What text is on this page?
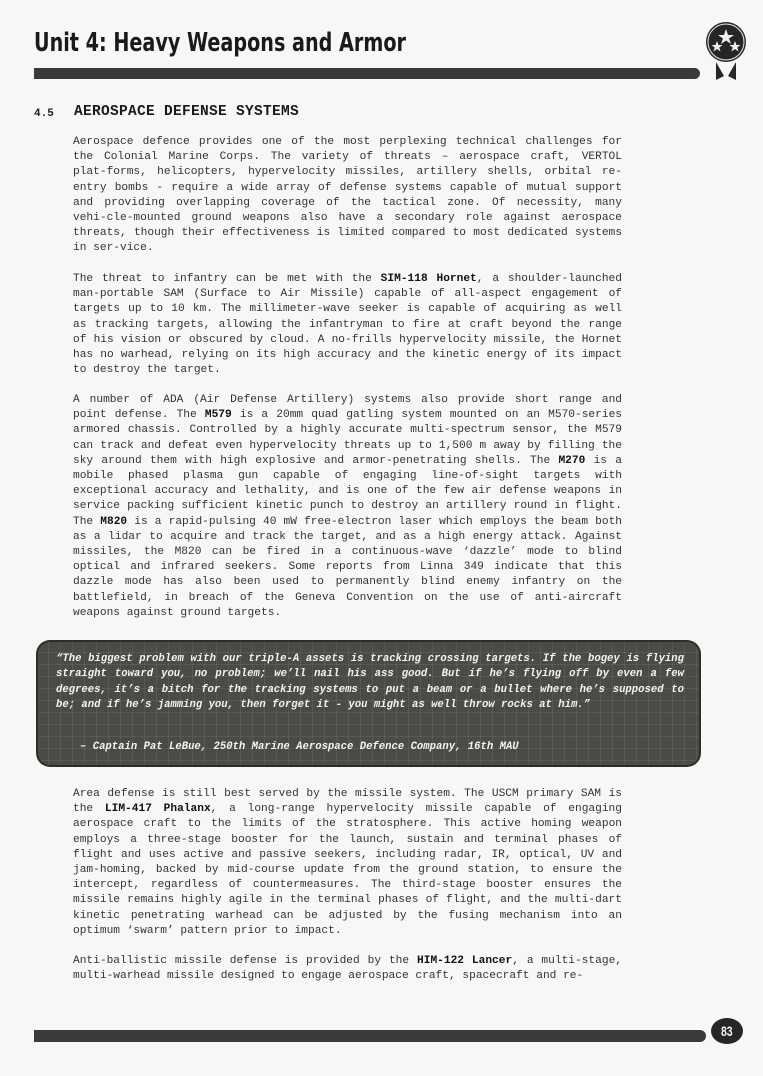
Unit 4: Heavy Weapons and Armor
4.5 AEROSPACE DEFENSE SYSTEMS

Aerospace defence provides one of the most perplexing technical challenges for the Colonial Marine Corps. The variety of threats – aerospace craft, VERTOL plat-forms, helicopters, hypervelocity missiles, artillery shells, orbital re-entry bombs - require a wide array of defense systems capable of mutual support and providing overlapping coverage of the tactical zone. Of necessity, many vehi-cle-mounted ground weapons also have a secondary role against aerospace threats, though their effectiveness is limited compared to most dedicated systems in ser-vice.

The threat to infantry can be met with the SIM-118 Hornet, a shoulder-launched man-portable SAM (Surface to Air Missile) capable of all-aspect engagement of targets up to 10 km. The millimeter-wave seeker is capable of acquiring as well as tracking targets, allowing the infantryman to fire at craft beyond the range of his vision or obscured by cloud. A no-frills hypervelocity missile, the Hornet has no warhead, relying on its high accuracy and the kinetic energy of its impact to destroy the target.

A number of ADA (Air Defense Artillery) systems also provide short range and point defense. The M579 is a 20mm quad gatling system mounted on an M570-series armored chassis. Controlled by a highly accurate multi-spectrum sensor, the M579 can track and defeat even hypervelocity threats up to 1,500 m away by filling the sky around them with high explosive and armor-penetrating shells. The M270 is a mobile phased plasma gun capable of engaging line-of-sight targets with exceptional accuracy and lethality, and is one of the few air defense weapons in service packing sufficient kinetic punch to destroy an artillery round in flight. The M820 is a rapid-pulsing 40 mW free-electron laser which employs the beam both as a lidar to acquire and track the target, and as a high energy attack. Against missiles, the M820 can be fired in a continuous-wave ‘dazzle’ mode to blind optical and infrared seekers. Some reports from Linna 349 indicate that this dazzle mode has also been used to permanently blind enemy infantry on the battlefield, in breach of the Geneva Convention on the use of anti-aircraft weapons against ground targets.

“The biggest problem with our triple-A assets is tracking crossing targets. If the bogey is flying straight toward you, no problem; we’ll nail his ass good. But if he’s flying off by even a few degrees, it’s a bitch for the tracking systems to put a beam or a bullet where he’s supposed to be; and if he’s jamming you, then forget it - you might as well throw rocks at him.”

– Captain Pat LeBue, 250th Marine Aerospace Defence Company, 16th MAU

Area defense is still best served by the missile system. The USCM primary SAM is the LIM-417 Phalanx, a long-range hypervelocity missile capable of engaging aerospace craft to the limits of the stratosphere. This active homing weapon employs a three-stage booster for the launch, sustain and terminal phases of flight and uses active and passive seekers, including radar, IR, optical, UV and jam-homing, backed by mid-course update from the ground station, to ensure the intercept, regardless of countermeasures. The third-stage booster ensures the missile remains highly agile in the terminal phases of flight, and the multi-dart kinetic penetrating warhead can be adjusted by the fusing mechanism into an optimum ‘swarm’ pattern prior to impact.

Anti-ballistic missile defense is provided by the HIM-122 Lancer, a multi-stage, multi-warhead missile designed to engage aerospace craft, spacecraft and re-

83
